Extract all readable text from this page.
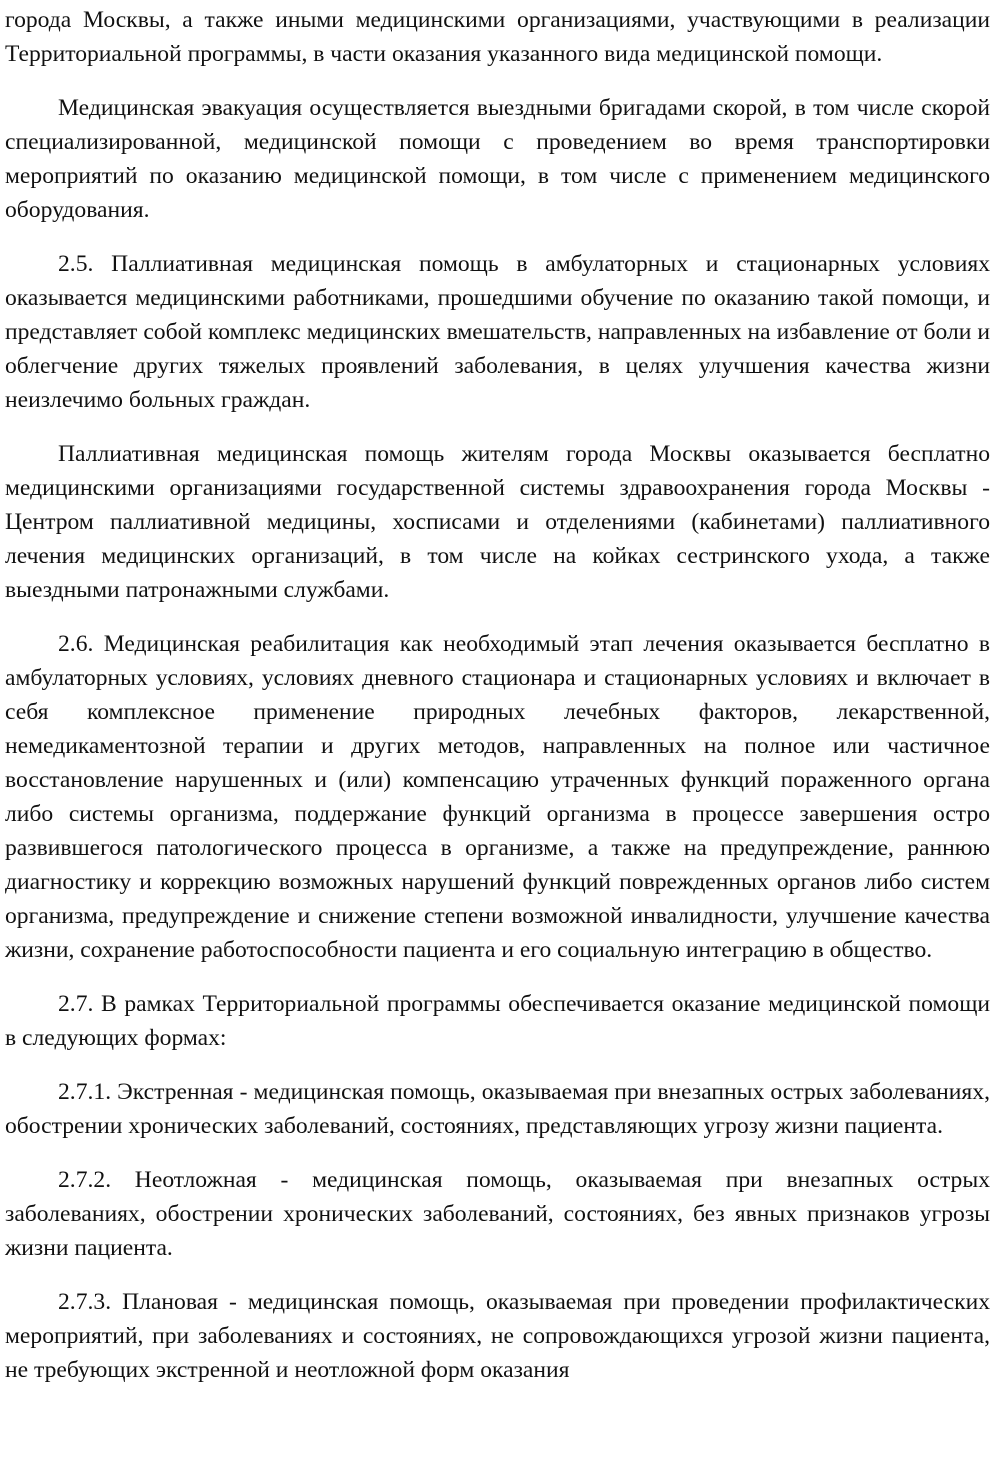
города Москвы, а также иными медицинскими организациями, участвующими в реализации Территориальной программы, в части оказания указанного вида медицинской помощи.

Медицинская эвакуация осуществляется выездными бригадами скорой, в том числе скорой специализированной, медицинской помощи с проведением во время транспортировки мероприятий по оказанию медицинской помощи, в том числе с применением медицинского оборудования.

2.5. Паллиативная медицинская помощь в амбулаторных и стационарных условиях оказывается медицинскими работниками, прошедшими обучение по оказанию такой помощи, и представляет собой комплекс медицинских вмешательств, направленных на избавление от боли и облегчение других тяжелых проявлений заболевания, в целях улучшения качества жизни неизлечимо больных граждан.

Паллиативная медицинская помощь жителям города Москвы оказывается бесплатно медицинскими организациями государственной системы здравоохранения города Москвы - Центром паллиативной медицины, хосписами и отделениями (кабинетами) паллиативного лечения медицинских организаций, в том числе на койках сестринского ухода, а также выездными патронажными службами.

2.6. Медицинская реабилитация как необходимый этап лечения оказывается бесплатно в амбулаторных условиях, условиях дневного стационара и стационарных условиях и включает в себя комплексное применение природных лечебных факторов, лекарственной, немедикаментозной терапии и других методов, направленных на полное или частичное восстановление нарушенных и (или) компенсацию утраченных функций пораженного органа либо системы организма, поддержание функций организма в процессе завершения остро развившегося патологического процесса в организме, а также на предупреждение, раннюю диагностику и коррекцию возможных нарушений функций поврежденных органов либо систем организма, предупреждение и снижение степени возможной инвалидности, улучшение качества жизни, сохранение работоспособности пациента и его социальную интеграцию в общество.

2.7. В рамках Территориальной программы обеспечивается оказание медицинской помощи в следующих формах:

2.7.1. Экстренная - медицинская помощь, оказываемая при внезапных острых заболеваниях, обострении хронических заболеваний, состояниях, представляющих угрозу жизни пациента.

2.7.2. Неотложная - медицинская помощь, оказываемая при внезапных острых заболеваниях, обострении хронических заболеваний, состояниях, без явных признаков угрозы жизни пациента.

2.7.3. Плановая - медицинская помощь, оказываемая при проведении профилактических мероприятий, при заболеваниях и состояниях, не сопровождающихся угрозой жизни пациента, не требующих экстренной и неотложной форм оказания
